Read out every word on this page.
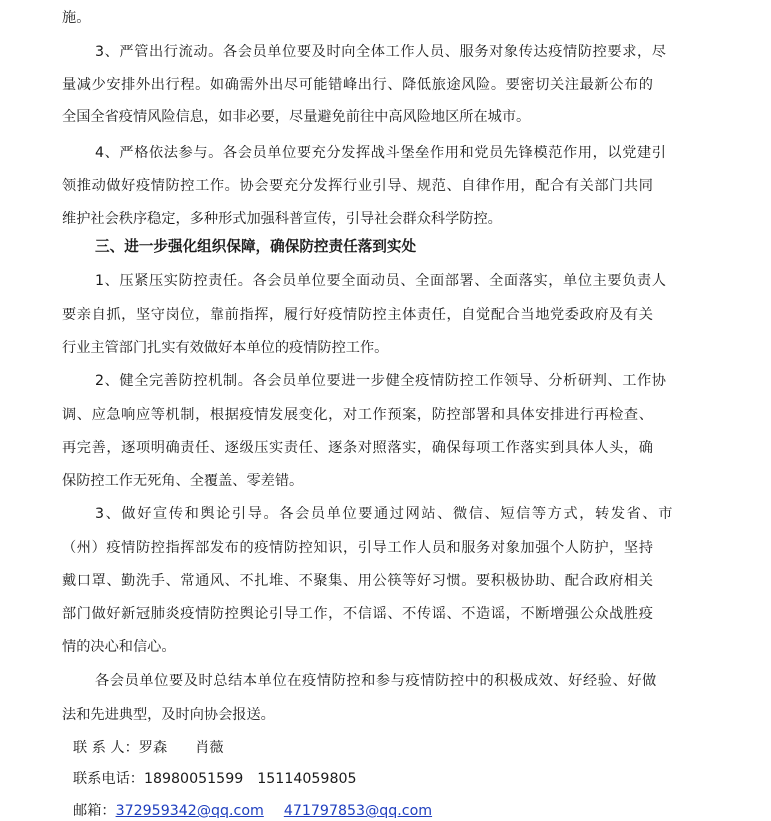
施。
3、严管出行流动。各会员单位要及时向全体工作人员、服务对象传达疫情防控要求，尽
量减少安排外出行程。如确需外出尽可能错峰出行、降低旅途风险。要密切关注最新公布的
全国全省疫情风险信息，如非必要，尽量避免前往中高风险地区所在城市。
4、严格依法参与。各会员单位要充分发挥战斗堡垒作用和党员先锋模范作用，以党建引
领推动做好疫情防控工作。协会要充分发挥行业引导、规范、自律作用，配合有关部门共同
维护社会秩序稳定，多种形式加强科普宣传，引导社会群众科学防控。
三、进一步强化组织保障，确保防控责任落到实处
1、压紧压实防控责任。各会员单位要全面动员、全面部署、全面落实，单位主要负责人
要亲自抓，坚守岗位，靠前指挥，履行好疫情防控主体责任，自觉配合当地党委政府及有关
行业主管部门扎实有效做好本单位的疫情防控工作。
2、健全完善防控机制。各会员单位要进一步健全疫情防控工作领导、分析研判、工作协
调、应急响应等机制，根据疫情发展变化，对工作预案，防控部署和具体安排进行再检查、
再完善，逐项明确责任、逐级压实责任、逐条对照落实，确保每项工作落实到具体人头，确
保防控工作无死角、全覆盖、零差错。
3、做好宣传和舆论引导。各会员单位要通过网站、微信、短信等方式，转发省、市
（州）疫情防控指挥部发布的疫情防控知识，引导工作人员和服务对象加强个人防护，坚持
戴口罩、勤洗手、常通风、不扎堆、不聚集、用公筷等好习惯。要积极协助、配合政府相关
部门做好新冠肺炎疫情防控舆论引导工作，不信谣、不传谣、不造谣，不断增强公众战胜疫
情的决心和信心。
各会员单位要及时总结本单位在疫情防控和参与疫情防控中的积极成效、好经验、好做
法和先进典型，及时向协会报送。
联 系 人：罗森 肖薇
联系电话：18980051599 15114059805
邮箱：372959342@qq.com 471797853@qq.com
